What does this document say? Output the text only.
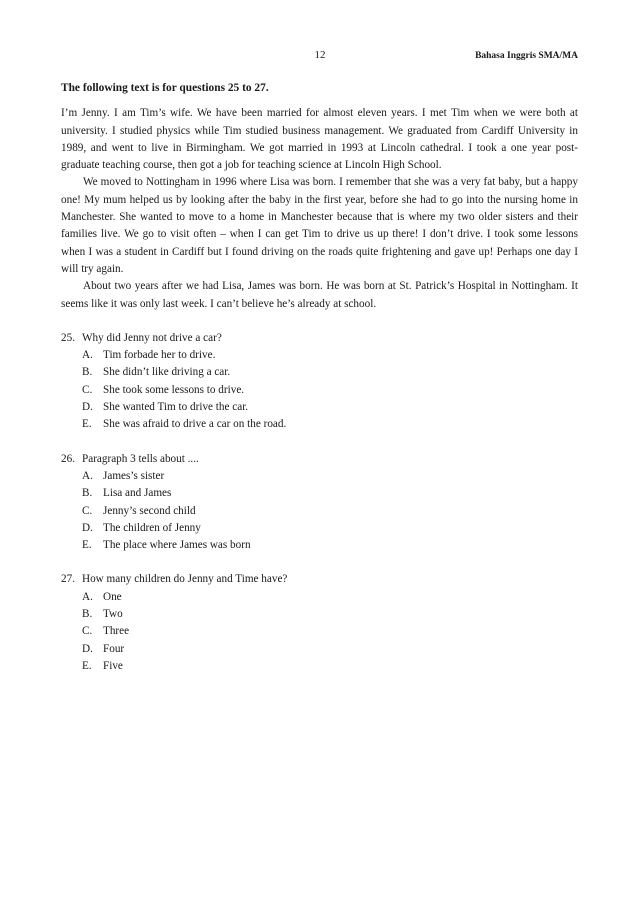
12	Bahasa Inggris SMA/MA

The following text is for questions 25 to 27.

I’m Jenny. I am Tim’s wife. We have been married for almost eleven years. I met Tim when we were both at university. I studied physics while Tim studied business management. We graduated from Cardiff University in 1989, and went to live in Birmingham. We got married in 1993 at Lincoln cathedral. I took a one year post-graduate teaching course, then got a job for teaching science at Lincoln High School.

We moved to Nottingham in 1996 where Lisa was born. I remember that she was a very fat baby, but a happy one! My mum helped us by looking after the baby in the first year, before she had to go into the nursing home in Manchester. She wanted to move to a home in Manchester because that is where my two older sisters and their families live. We go to visit often – when I can get Tim to drive us up there! I don’t drive. I took some lessons when I was a student in Cardiff but I found driving on the roads quite frightening and gave up! Perhaps one day I will try again.

About two years after we had Lisa, James was born. He was born at St. Patrick’s Hospital in Nottingham. It seems like it was only last week. I can’t believe he’s already at school.

25. Why did Jenny not drive a car?
A. Tim forbade her to drive.
B. She didn’t like driving a car.
C. She took some lessons to drive.
D. She wanted Tim to drive the car.
E.	She was afraid to drive a car on the road.
26. Paragraph 3 tells about ....
A. James’s sister
B. Lisa and James
C. Jenny’s second child
D. The children of Jenny
E.	The place where James was born
27. How many children do Jenny and Time have?
A. One
B. Two
C. Three
D. Four
E.	Five
